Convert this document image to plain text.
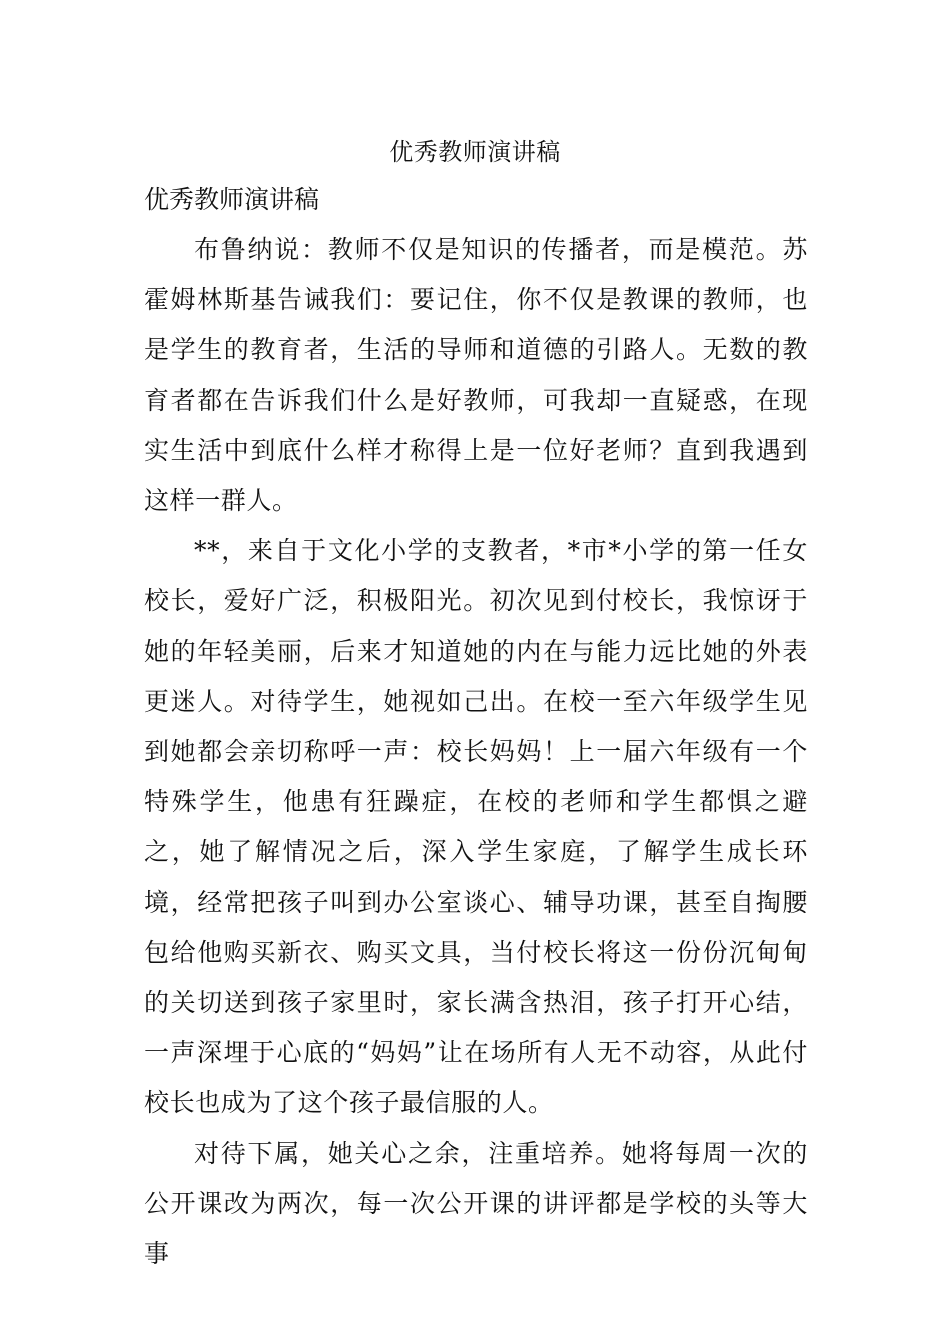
优秀教师演讲稿
优秀教师演讲稿

布鲁纳说：教师不仅是知识的传播者，而是模范。苏霍姆林斯基告诫我们：要记住，你不仅是教课的教师，也是学生的教育者，生活的导师和道德的引路人。无数的教育者都在告诉我们什么是好教师，可我却一直疑惑，在现实生活中到底什么样才称得上是一位好老师？直到我遇到这样一群人。

**，来自于文化小学的支教者，*市*小学的第一任女校长，爱好广泛，积极阳光。初次见到付校长，我惊讶于她的年轻美丽，后来才知道她的内在与能力远比她的外表更迷人。对待学生，她视如己出。在校一至六年级学生见到她都会亲切称呼一声：校长妈妈！上一届六年级有一个特殊学生，他患有狂躁症，在校的老师和学生都惧之避之，她了解情况之后，深入学生家庭，了解学生成长环境，经常把孩子叫到办公室谈心、辅导功课，甚至自掏腰包给他购买新衣、购买文具，当付校长将这一份份沉甸甸的关切送到孩子家里时，家长满含热泪，孩子打开心结，一声深埋于心底的“妈妈”让在场所有人无不动容，从此付校长也成为了这个孩子最信服的人。

对待下属，她关心之余，注重培养。她将每周一次的公开课改为两次，每一次公开课的讲评都是学校的头等大事
